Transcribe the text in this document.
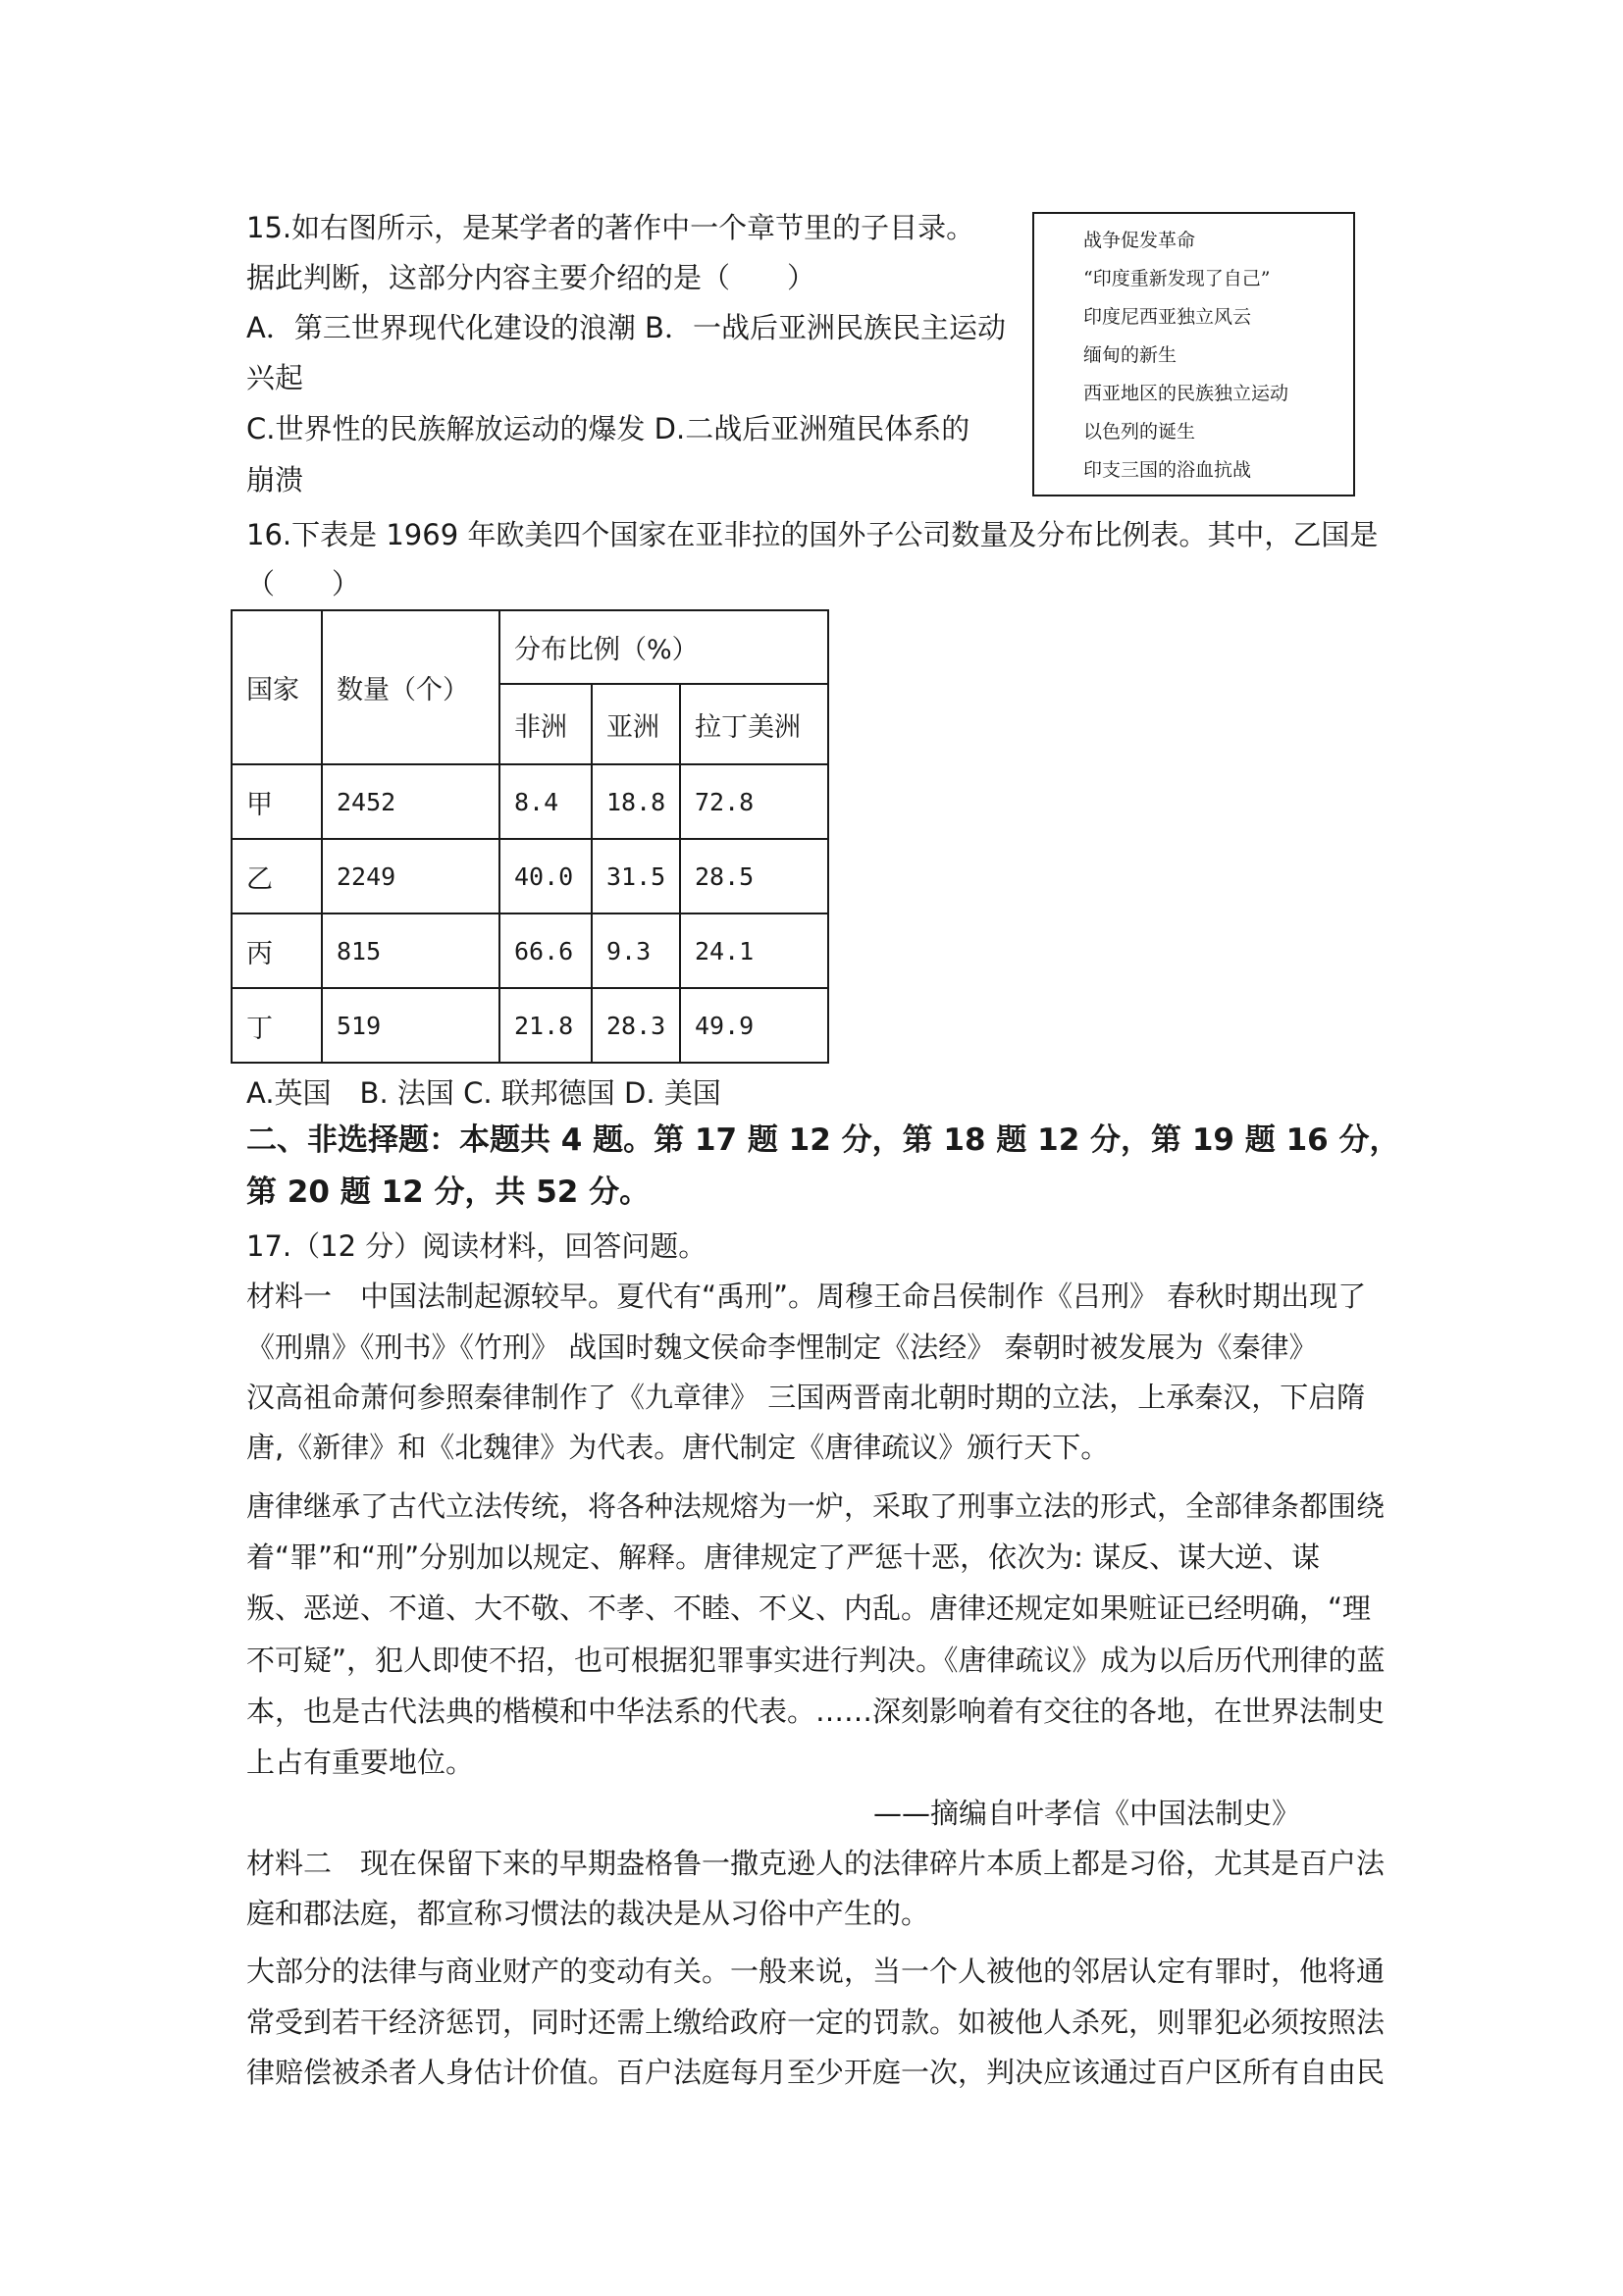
15.如右图所示，是某学者的著作中一个章节里的子目录。
据此判断，这部分内容主要介绍的是（　　）
A．第三世界现代化建设的浪潮 B．一战后亚洲民族民主运动
兴起
C.世界性的民族解放运动的爆发 D.二战后亚洲殖民体系的
崩溃
战争促发革命
“印度重新发现了自己”
印度尼西亚独立风云
缅甸的新生
西亚地区的民族独立运动
以色列的诞生
印支三国的浴血抗战
16.下表是 1969 年欧美四个国家在亚非拉的国外子公司数量及分布比例表。其中，乙国是
（　　）
国家	数量（个）	分布比例（%）		
		非洲	亚洲	拉丁美洲
甲	2452	8.4	18.8	72.8
乙	2249	40.0	31.5	28.5
丙	815	66.6	9.3	24.1
丁	519	21.8	28.3	49.9
A.英国　B. 法国 C. 联邦德国 D. 美国
二、非选择题：本题共 4 题。第 17 题 12 分，第 18 题 12 分，第 19 题 16 分，
第 20 题 12 分，共 52 分。
17.（12 分）阅读材料，回答问题。
材料一　中国法制起源较早。夏代有“禹刑”。周穆王命吕侯制作《吕刑》 春秋时期出现了
《刑鼎》《刑书》《竹刑》 战国时魏文侯命李悝制定《法经》 秦朝时被发展为《秦律》
汉高祖命萧何参照秦律制作了《九章律》 三国两晋南北朝时期的立法，上承秦汉，下启隋
唐,《新律》和《北魏律》为代表。唐代制定《唐律疏议》颁行天下。
唐律继承了古代立法传统，将各种法规熔为一炉，采取了刑事立法的形式，全部律条都围绕
着“罪”和“刑”分别加以规定、解释。唐律规定了严惩十恶，依次为: 谋反、谋大逆、谋
叛、恶逆、不道、大不敬、不孝、不睦、不义、内乱。唐律还规定如果赃证已经明确，“理
不可疑”，犯人即使不招，也可根据犯罪事实进行判决。《唐律疏议》成为以后历代刑律的蓝
本，也是古代法典的楷模和中华法系的代表。……深刻影响着有交往的各地，在世界法制史
上占有重要地位。
——摘编自叶孝信《中国法制史》
材料二　现在保留下来的早期盎格鲁一撒克逊人的法律碎片本质上都是习俗，尤其是百户法
庭和郡法庭，都宣称习惯法的裁决是从习俗中产生的。
大部分的法律与商业财产的变动有关。一般来说，当一个人被他的邻居认定有罪时，他将通
常受到若干经济惩罚，同时还需上缴给政府一定的罚款。如被他人杀死，则罪犯必须按照法
律赔偿被杀者人身估计价值。百户法庭每月至少开庭一次，判决应该通过百户区所有自由民
